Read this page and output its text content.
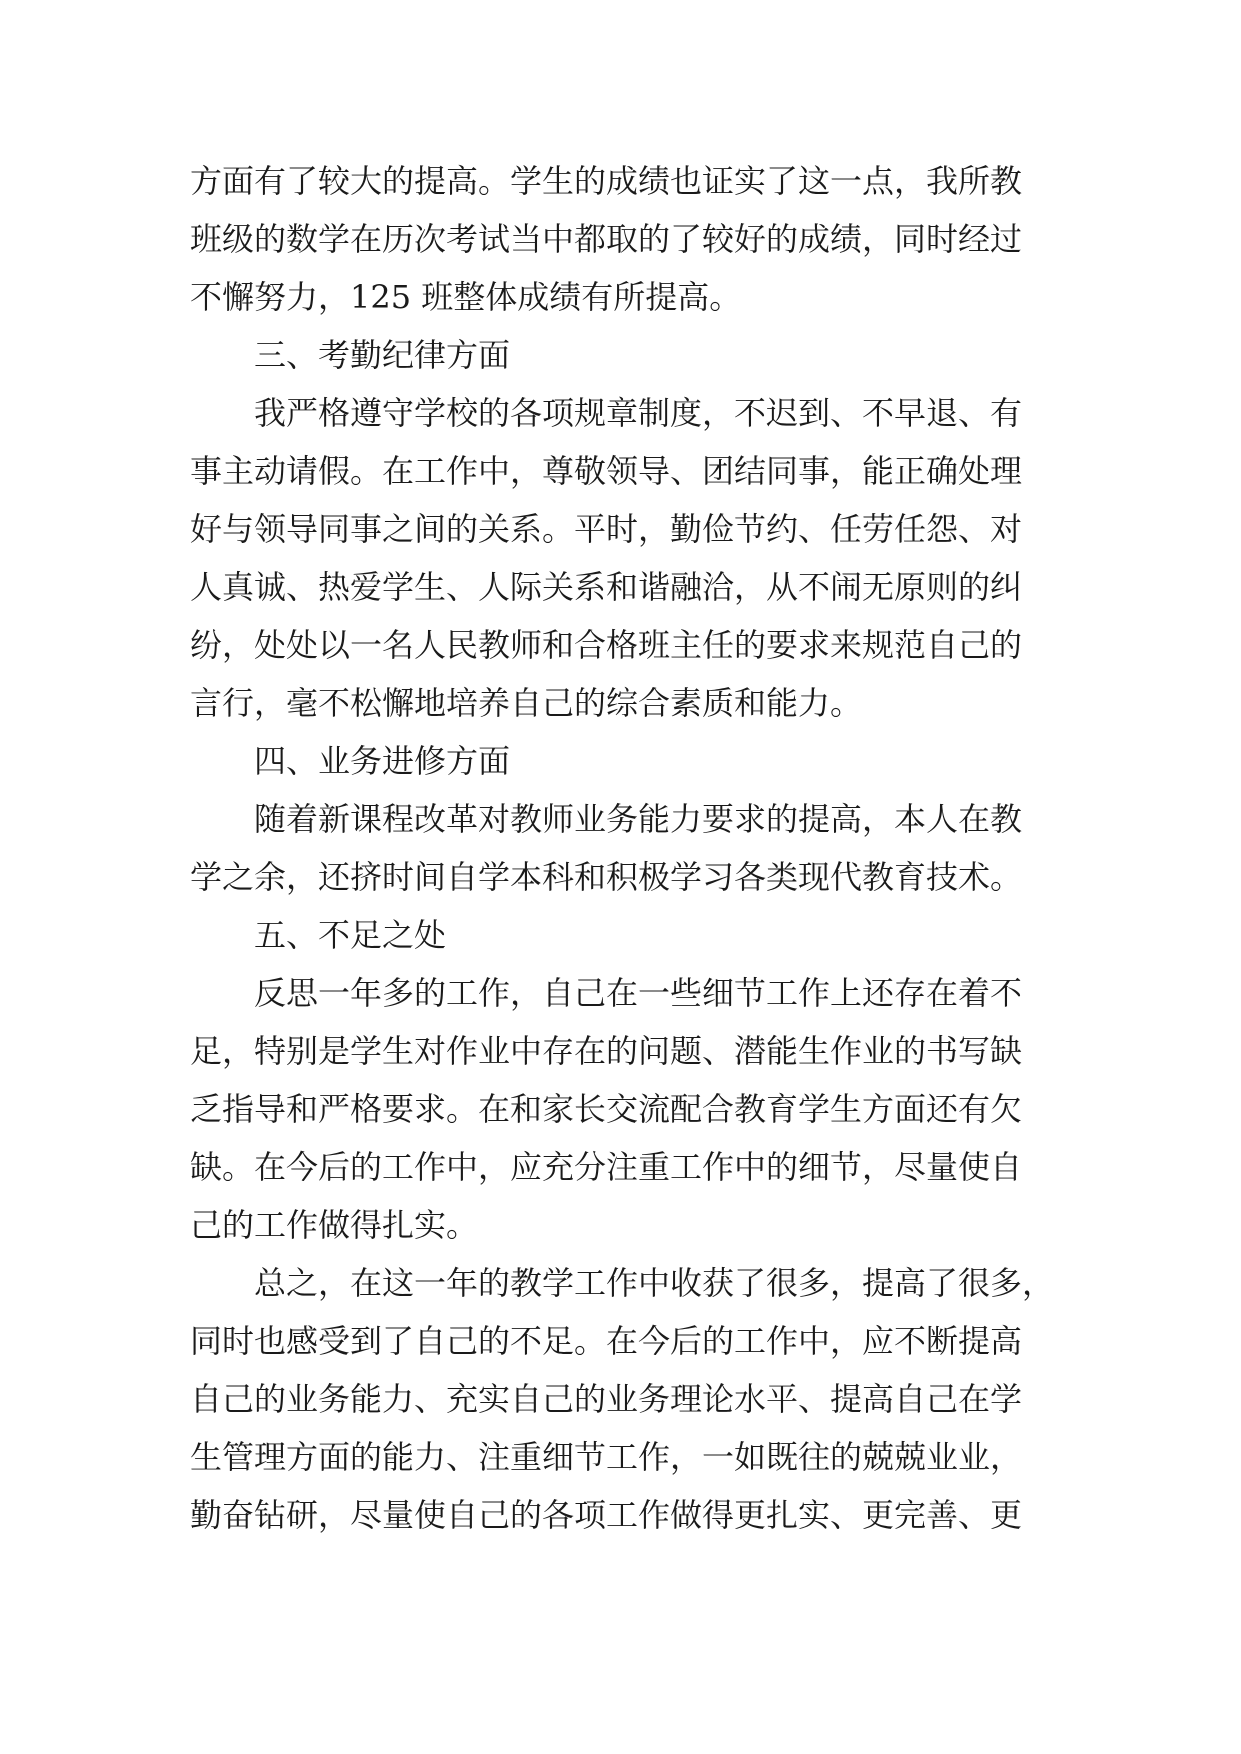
方面有了较大的提高。学生的成绩也证实了这一点，我所教
班级的数学在历次考试当中都取的了较好的成绩，同时经过
不懈努力，125 班整体成绩有所提高。
三、考勤纪律方面
我严格遵守学校的各项规章制度，不迟到、不早退、有
事主动请假。在工作中，尊敬领导、团结同事，能正确处理
好与领导同事之间的关系。平时，勤俭节约、任劳任怨、对
人真诚、热爱学生、人际关系和谐融洽，从不闹无原则的纠
纷，处处以一名人民教师和合格班主任的要求来规范自己的
言行，毫不松懈地培养自己的综合素质和能力。
四、业务进修方面
随着新课程改革对教师业务能力要求的提高，本人在教
学之余，还挤时间自学本科和积极学习各类现代教育技术。
五、不足之处
反思一年多的工作，自己在一些细节工作上还存在着不
足，特别是学生对作业中存在的问题、潜能生作业的书写缺
乏指导和严格要求。在和家长交流配合教育学生方面还有欠
缺。在今后的工作中，应充分注重工作中的细节，尽量使自
己的工作做得扎实。
总之，在这一年的教学工作中收获了很多，提高了很多，
同时也感受到了自己的不足。在今后的工作中，应不断提高
自己的业务能力、充实自己的业务理论水平、提高自己在学
生管理方面的能力、注重细节工作，一如既往的兢兢业业，
勤奋钻研，尽量使自己的各项工作做得更扎实、更完善、更
